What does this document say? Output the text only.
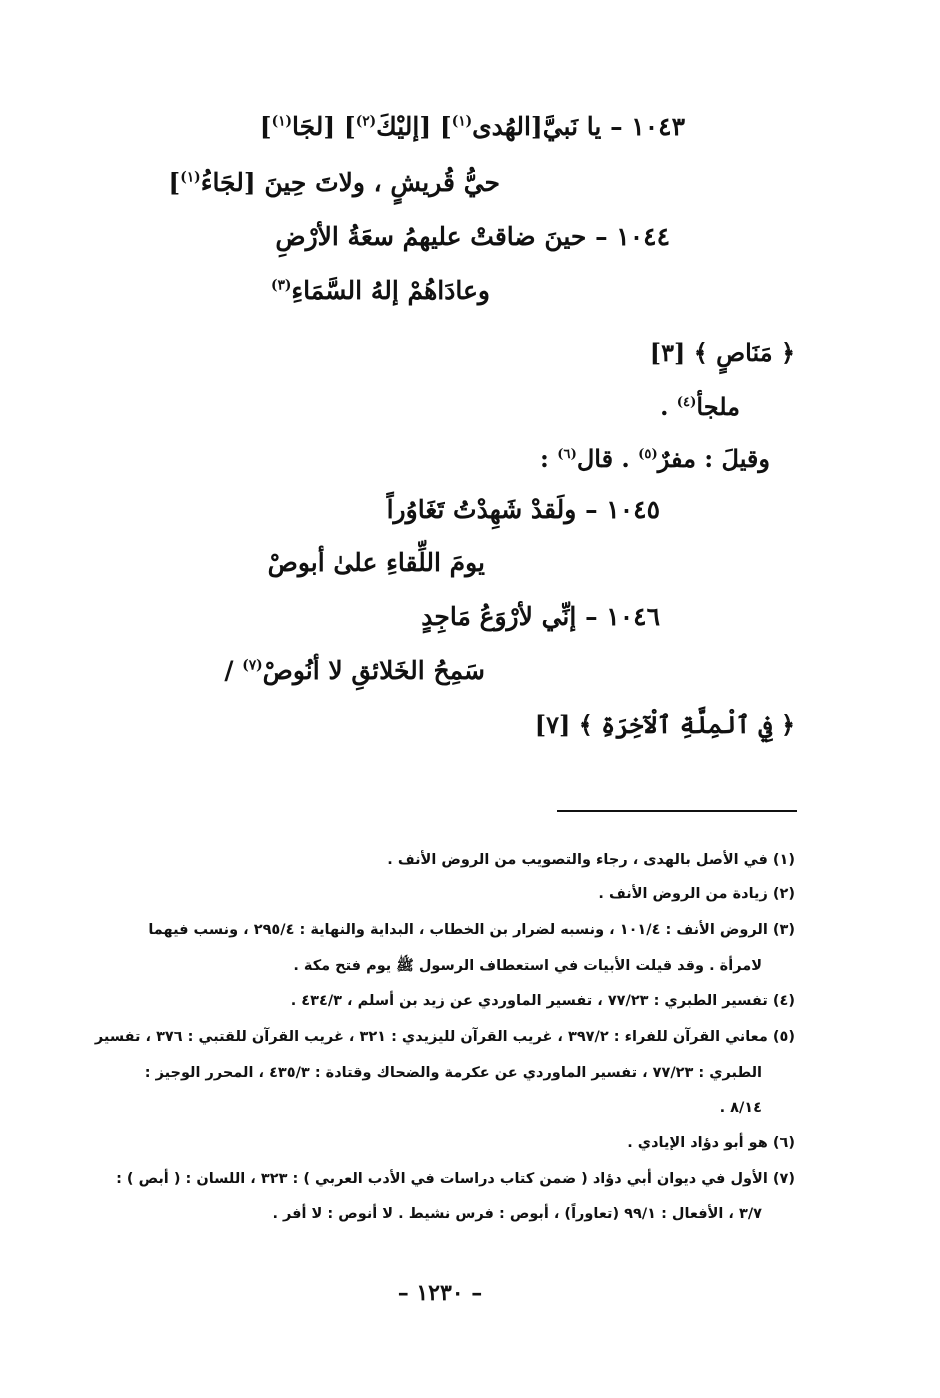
١٠٤٣ – يا نَبيَّ[الهُدى$^{(١)}$] [إليْكَ$^{(٢)}$] [لجَا$^{(١)}$]
حيُّ قُريشٍ ، ولاتَ حِينَ [لجَاءُ$^{(١)}$]
١٠٤٤ – حينَ ضاقتْ عليهمُ سعَةُ الأرْضِ
وعادَاهُمْ إلهُ السَّمَاءِ$^{(٣)}$
﴿ مَنَاصٍ ﴾ [٣]
ملجأ$^{(٤)}$ .
وقيلَ : مفرٌ$^{(٥)}$ . قال$^{(٦)}$ :
١٠٤٥ – ولَقدْ شَهِدْتُ تَغَاوُراً
يومَ اللِّقاءِ علىٰ أبوصْ
١٠٤٦ – إنِّي لأرْوَعُ مَاجِدٍ
سَمِحُ الخَلائقِ لا أنُوصْ$^{(٧)}$ /
﴿ فِي ٱلْمِلَّةِ ٱلْآخِرَةِ ﴾ [٧]
(١) في الأصل بالهدى ، رجاء والتصويب من الروض الأنف .
(٢) زيادة من الروض الأنف .
(٣) الروض الأنف : ١٠١/٤ ، ونسبه لضرار بن الخطاب ، البداية والنهاية : ٢٩٥/٤ ، ونسب فيهما
لامرأة . وقد قيلت الأبيات في استعطاف الرسول ﷺ يوم فتح مكة .
(٤) تفسير الطبري : ٧٧/٢٣ ، تفسير الماوردي عن زيد بن أسلم ، ٤٣٤/٣ .
(٥) معاني القرآن للفراء : ٣٩٧/٢ ، غريب القرآن لليزيدي : ٣٢١ ، غريب القرآن للقتبي : ٣٧٦ ، تفسير
الطبري : ٧٧/٢٣ ، تفسير الماوردي عن عكرمة والضحاك وقتادة : ٤٣٥/٣ ، المحرر الوجيز :
٨/١٤ .
(٦) هو أبو دؤاد الإيادي .
(٧) الأول في ديوان أبي دؤاد ( ضمن كتاب دراسات في الأدب العربي ) : ٣٢٣ ، اللسان : ( أبص ) :
٣/٧ ، الأفعال : ٩٩/١ (تعاوراً) ، أبوص : فرس نشيط . لا أنوص : لا أفر .
– ١٢٣٠ –
